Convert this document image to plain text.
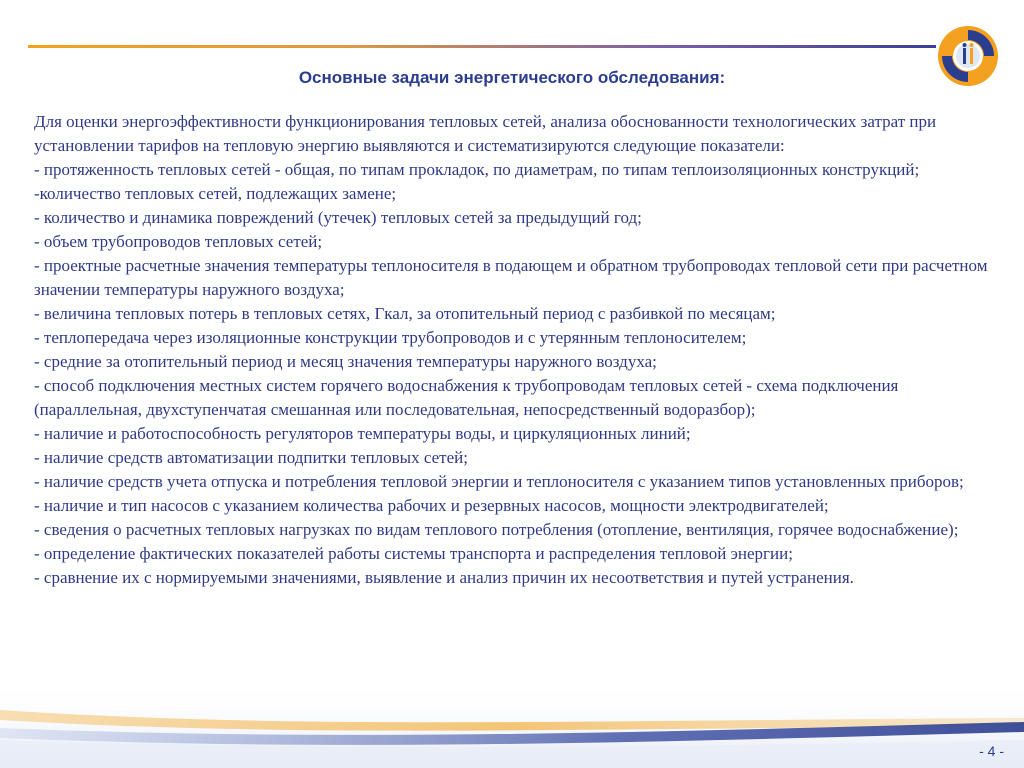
Основные задачи энергетического обследования:

Для оценки энергоэффективности функционирования тепловых сетей, анализа обоснованности технологических затрат при установлении тарифов на тепловую энергию выявляются и систематизируются следующие показатели:

- протяженность тепловых сетей - общая, по типам прокладок, по диаметрам, по типам теплоизоляционных конструкций;

-количество тепловых сетей, подлежащих замене;

- количество и динамика повреждений (утечек) тепловых сетей за предыдущий год;

- объем трубопроводов тепловых сетей;

- проектные расчетные значения температуры теплоносителя в подающем и обратном трубопроводах тепловой сети при расчетном значении температуры наружного воздуха;

- величина тепловых потерь в тепловых сетях, Гкал, за отопительный период с разбивкой по месяцам;

- теплопередача через изоляционные конструкции трубопроводов и с утерянным теплоносителем;

- средние за отопительный период и месяц значения температуры наружного воздуха;

- способ подключения местных систем горячего водоснабжения к трубопроводам тепловых сетей - схема подключения (параллельная, двухступенчатая смешанная или последовательная, непосредственный водоразбор);

- наличие и работоспособность регуляторов температуры воды, и циркуляционных линий;

- наличие средств автоматизации подпитки тепловых сетей;

- наличие средств учета отпуска и потребления тепловой энергии и теплоносителя с указанием типов установленных приборов;

- наличие и тип насосов с указанием количества рабочих и резервных насосов, мощности электродвигателей;

- сведения о расчетных тепловых нагрузках по видам теплового потребления (отопление, вентиляция, горячее водоснабжение);

- определение фактических показателей работы системы транспорта и распределения тепловой энергии;

- сравнение их с нормируемыми значениями, выявление и анализ причин их несоответствия и путей устранения.

- 4 -
